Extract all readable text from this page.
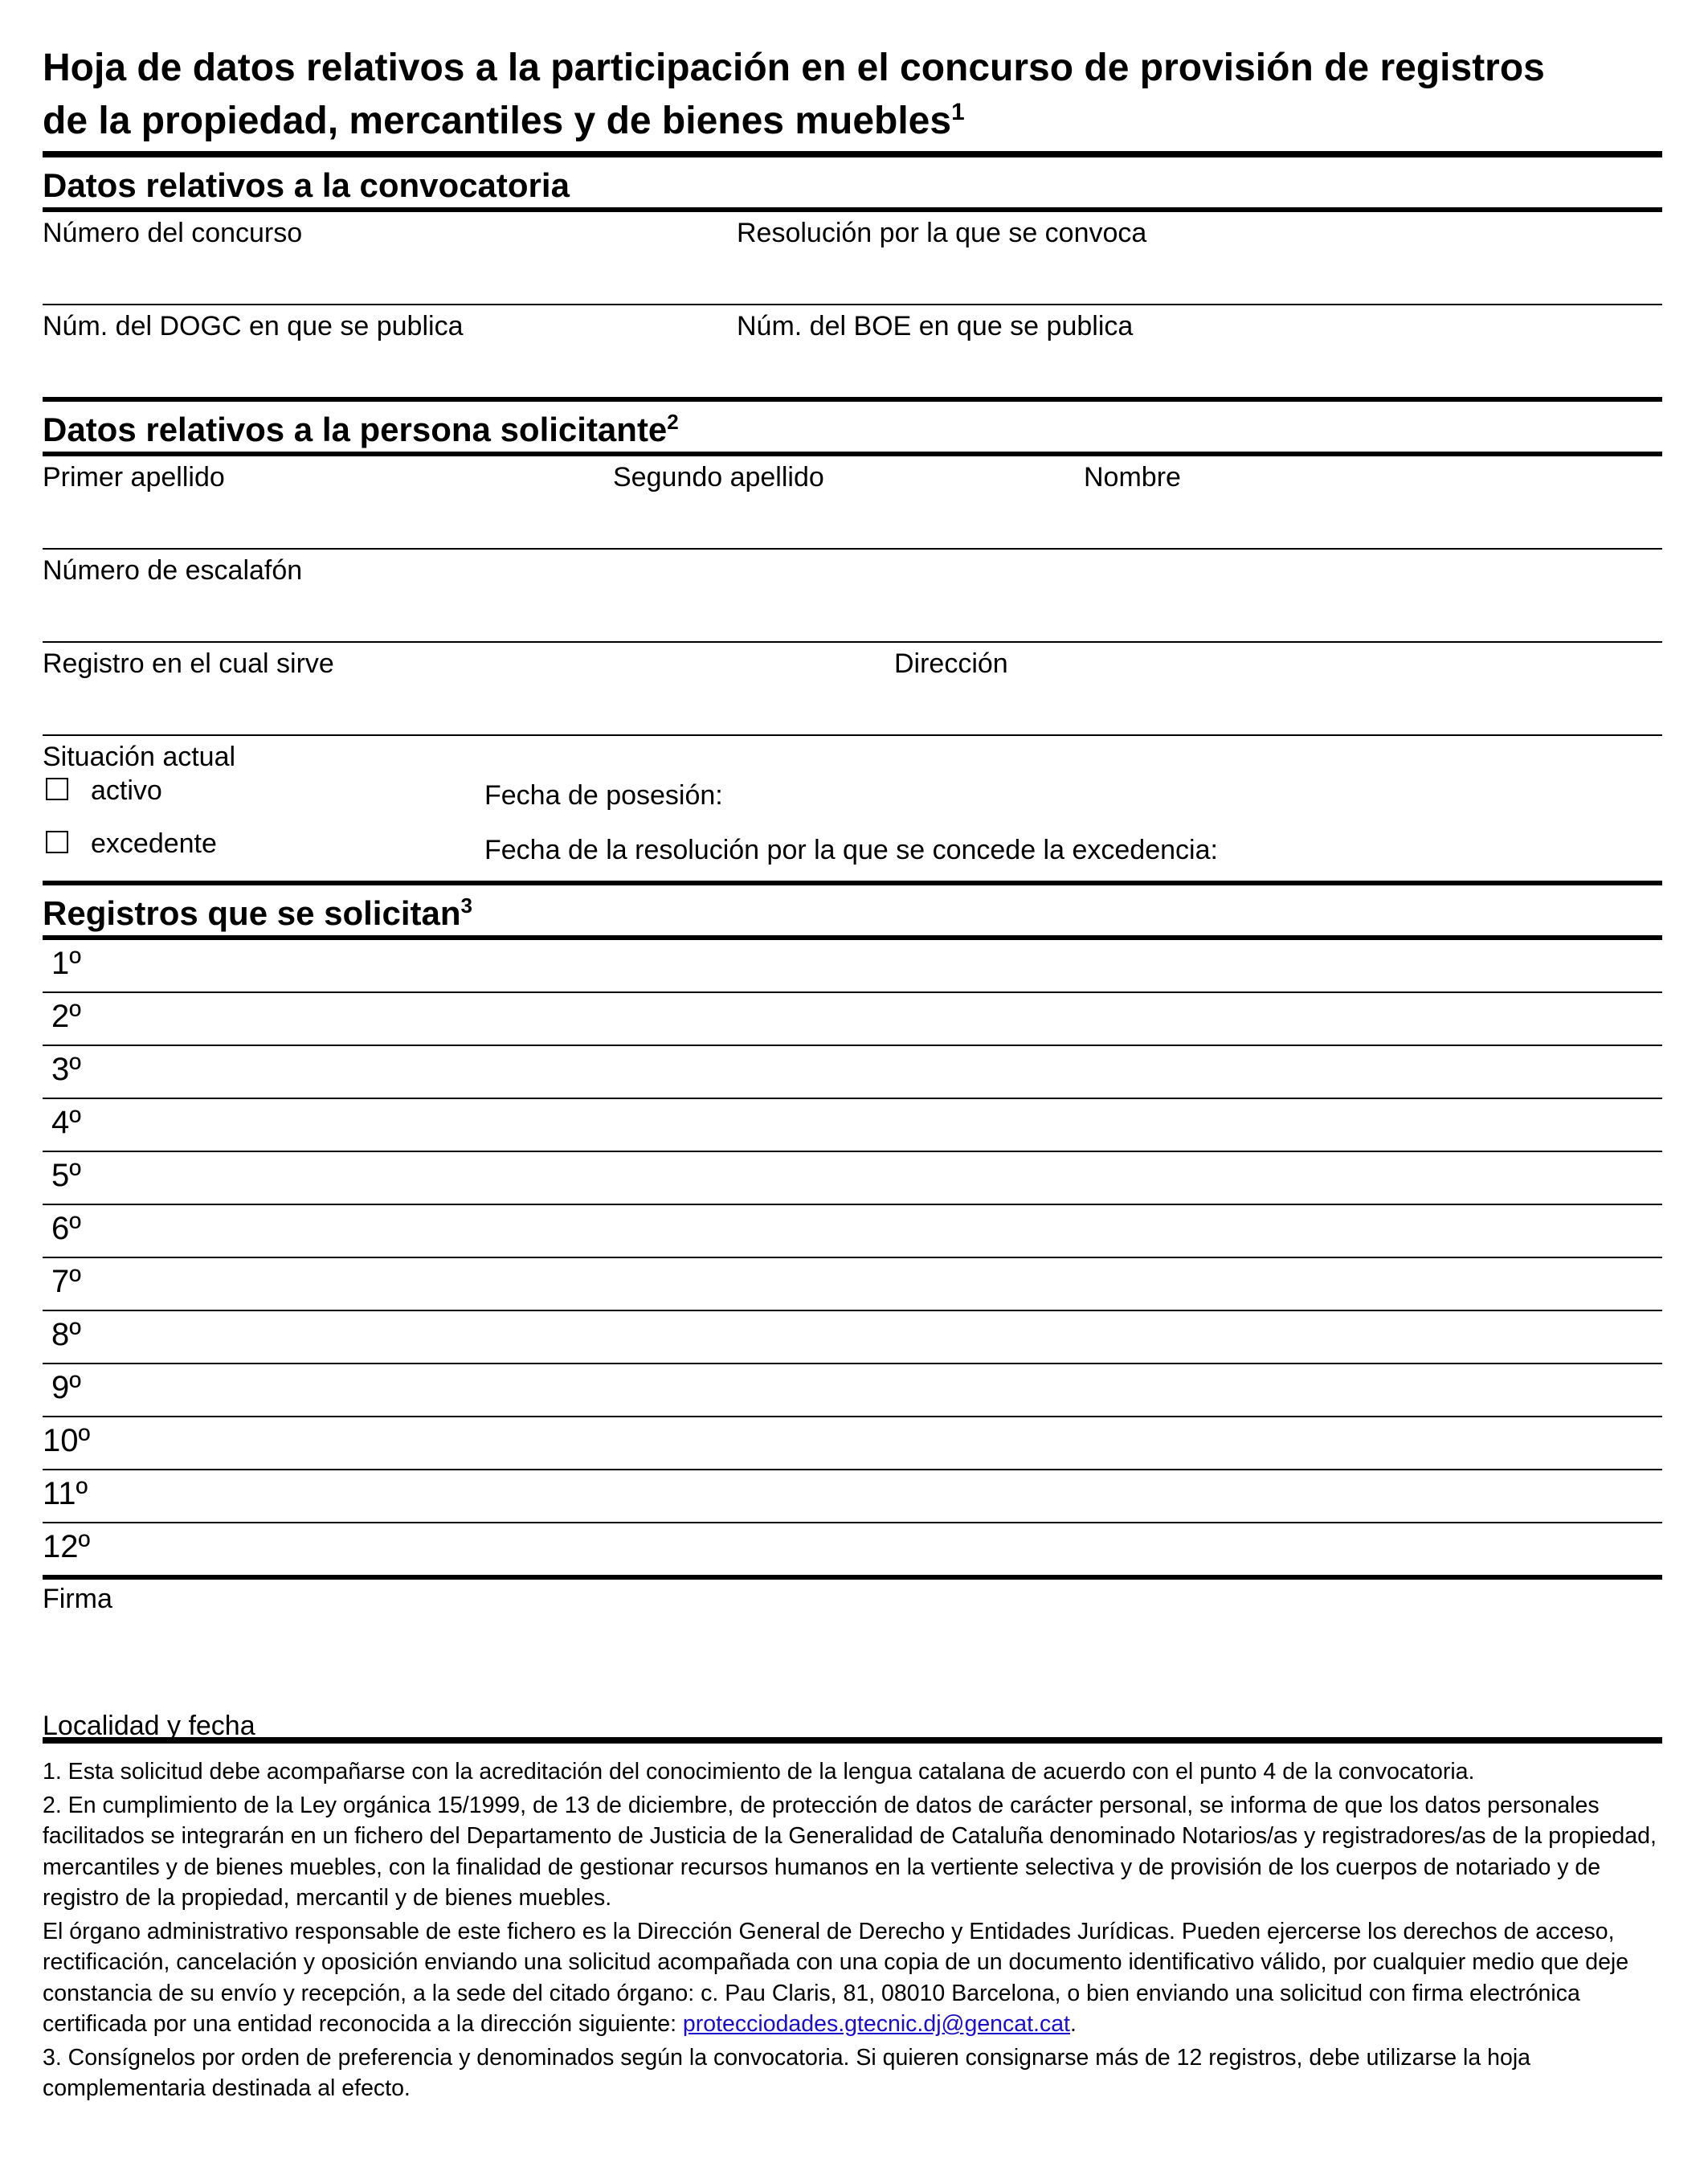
Hoja de datos relativos a la participación en el concurso de provisión de registros
de la propiedad, mercantiles y de bienes muebles$^1$
Datos relativos a la convocatoria
Número del concurso	Resolución por la que se convoca
Núm. del DOGC en que se publica	Núm. del BOE en que se publica
Datos relativos a la persona solicitante$^2$
Primer apellido	Segundo apellido	Nombre
Número de escalafón
Registro en el cual sirve	Dirección
Situación actual
activo	Fecha de posesión:
excedente	Fecha de la resolución por la que se concede la excedencia:
Registros que se solicitan$^3$
1º
2º
3º
4º
5º
6º
7º
8º
9º
10º
11º
12º
Firma
Localidad y fecha

1. Esta solicitud debe acompañarse con la acreditación del conocimiento de la lengua catalana de acuerdo con el punto 4 de la convocatoria.

2. En cumplimiento de la Ley orgánica 15/1999, de 13 de diciembre, de protección de datos de carácter personal, se informa de que los datos personales facilitados se integrarán en un fichero del Departamento de Justicia de la Generalidad de Cataluña denominado Notarios/as y registradores/as de la propiedad, mercantiles y de bienes muebles, con la finalidad de gestionar recursos humanos en la vertiente selectiva y de provisión de los cuerpos de notariado y de registro de la propiedad, mercantil y de bienes muebles.

El órgano administrativo responsable de este fichero es la Dirección General de Derecho y Entidades Jurídicas. Pueden ejercerse los derechos de acceso, rectificación, cancelación y oposición enviando una solicitud acompañada con una copia de un documento identificativo válido, por cualquier medio que deje constancia de su envío y recepción, a la sede del citado órgano: c. Pau Claris, 81, 08010 Barcelona, o bien enviando una solicitud con firma electrónica certificada por una entidad reconocida a la dirección siguiente: protecciodades.gtecnic.dj@gencat.cat.

3. Consígnelos por orden de preferencia y denominados según la convocatoria. Si quieren consignarse más de 12 registros, debe utilizarse la hoja complementaria destinada al efecto.
